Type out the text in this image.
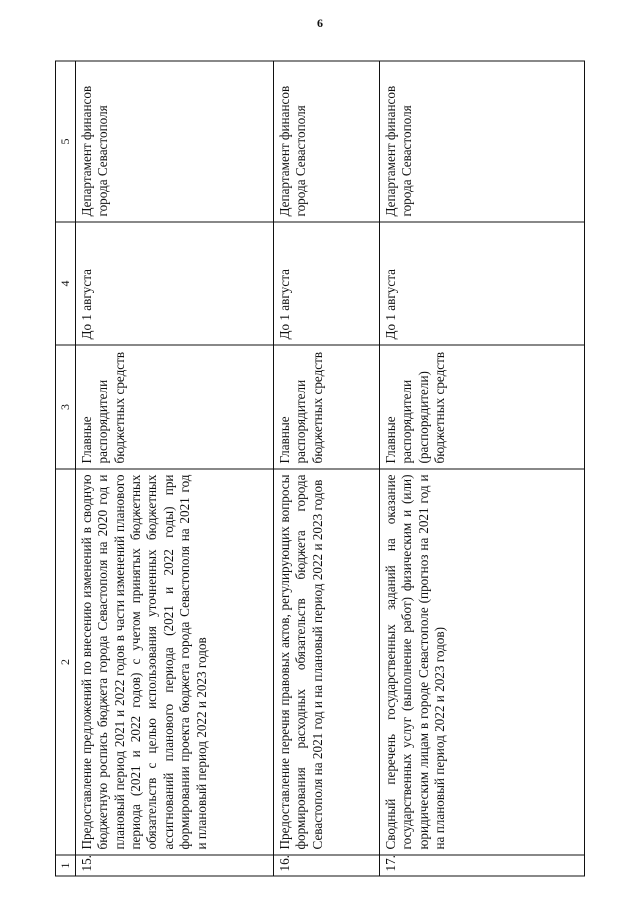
6
1	2	3	4	5
15.	Предоставление предложений по внесению изменений в сводную бюджетную роспись бюджета города Севастополя на 2020 год и плановый период 2021 и 2022 годов в части изменений планового периода (2021 и 2022 годов) с учетом принятых бюджетных обязательств с целью использования уточненных бюджетных ассигнований планового периода (2021 и 2022 годы) при формировании проекта бюджета города Севастополя на 2021 год и плановый период 2022 и 2023 годов	Главные распорядители бюджетных средств	До 1 августа	Департамент финансов города Севастополя
16.	Предоставление перечня правовых актов, регулирующих вопросы формирования расходных обязательств бюджета города Севастополя на 2021 год и на плановый период 2022 и 2023 годов	Главные распорядители бюджетных средств	До 1 августа	Департамент финансов города Севастополя
17.	Сводный перечень государственных заданий на оказание государственных услуг (выполнение работ) физическим и (или) юридическим лицам в городе Севастополе (прогноз на 2021 год и на плановый период 2022 и 2023 годов)	Главные распорядители (распорядители) бюджетных средств	До 1 августа	Департамент финансов города Севастополя
